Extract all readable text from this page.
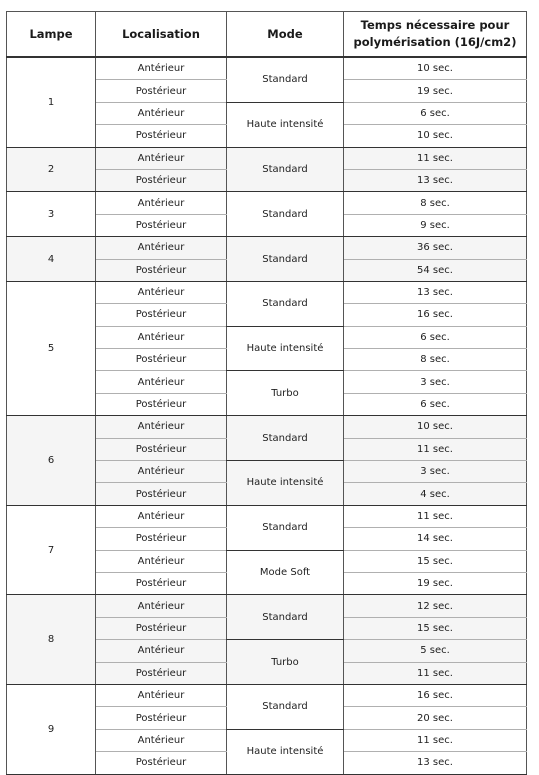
Lampe	Localisation	Mode	Temps nécessaire pour polymérisation (16J/cm2)
1	Antérieur	Standard	10 sec.
	Postérieur		19 sec.
	Antérieur	Haute intensité	6 sec.
	Postérieur		10 sec.
2	Antérieur	Standard	11 sec.
	Postérieur		13 sec.
3	Antérieur	Standard	8 sec.
	Postérieur		9 sec.
4	Antérieur	Standard	36 sec.
	Postérieur		54 sec.
5	Antérieur	Standard	13 sec.
	Postérieur		16 sec.
	Antérieur	Haute intensité	6 sec.
	Postérieur		8 sec.
	Antérieur	Turbo	3 sec.
	Postérieur		6 sec.
6	Antérieur	Standard	10 sec.
	Postérieur		11 sec.
	Antérieur	Haute intensité	3 sec.
	Postérieur		4 sec.
7	Antérieur	Standard	11 sec.
	Postérieur		14 sec.
	Antérieur	Mode Soft	15 sec.
	Postérieur		19 sec.
8	Antérieur	Standard	12 sec.
	Postérieur		15 sec.
	Antérieur	Turbo	5 sec.
	Postérieur		11 sec.
9	Antérieur	Standard	16 sec.
	Postérieur		20 sec.
	Antérieur	Haute intensité	11 sec.
	Postérieur		13 sec.
